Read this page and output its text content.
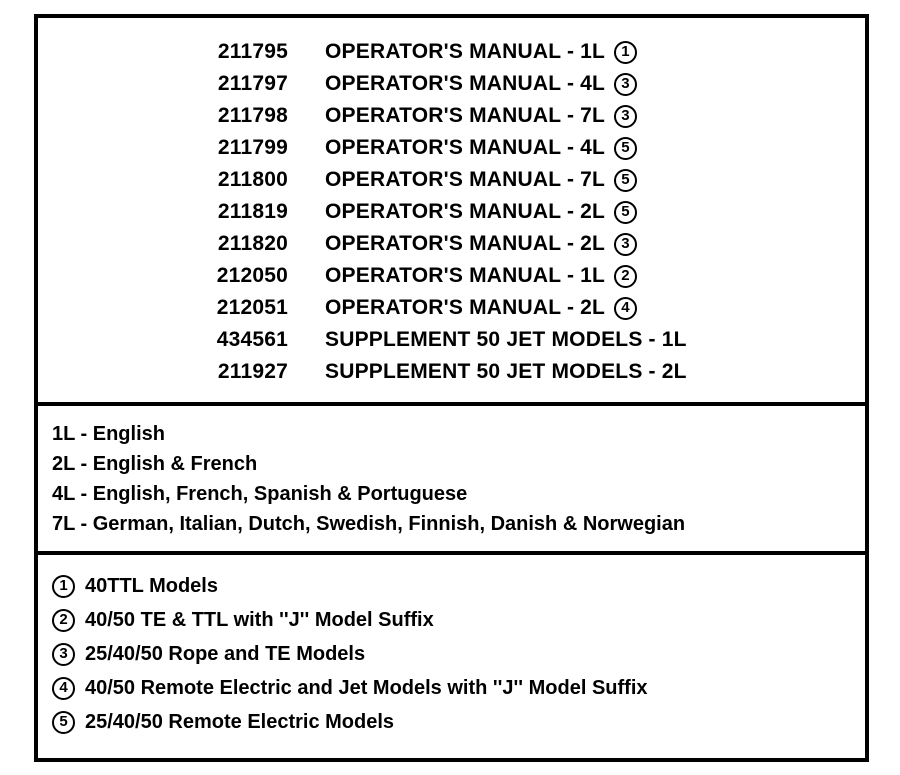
211795 OPERATOR'S MANUAL - 1L	1
211797 OPERATOR'S MANUAL - 4L	3
211798 OPERATOR'S MANUAL - 7L	3
211799 OPERATOR'S MANUAL - 4L	5
211800 OPERATOR'S MANUAL - 7L	5
211819 OPERATOR'S MANUAL - 2L	5
211820 OPERATOR'S MANUAL - 2L	3
212050 OPERATOR'S MANUAL - 1L	2
212051 OPERATOR'S MANUAL - 2L	4
434561 SUPPLEMENT 50 JET MODELS - 1L
211927 SUPPLEMENT 50 JET MODELS - 2L
1L - English
2L - English & French
4L - English, French, Spanish & Portuguese
7L - German, Italian, Dutch, Swedish, Finnish, Danish & Norwegian
1 40TTL Models
2 40/50 TE & TTL with ''J'' Model Suffix
3 25/40/50 Rope and TE Models
4 40/50 Remote Electric and Jet Models with ''J'' Model Suffix
5 25/40/50 Remote Electric Models
